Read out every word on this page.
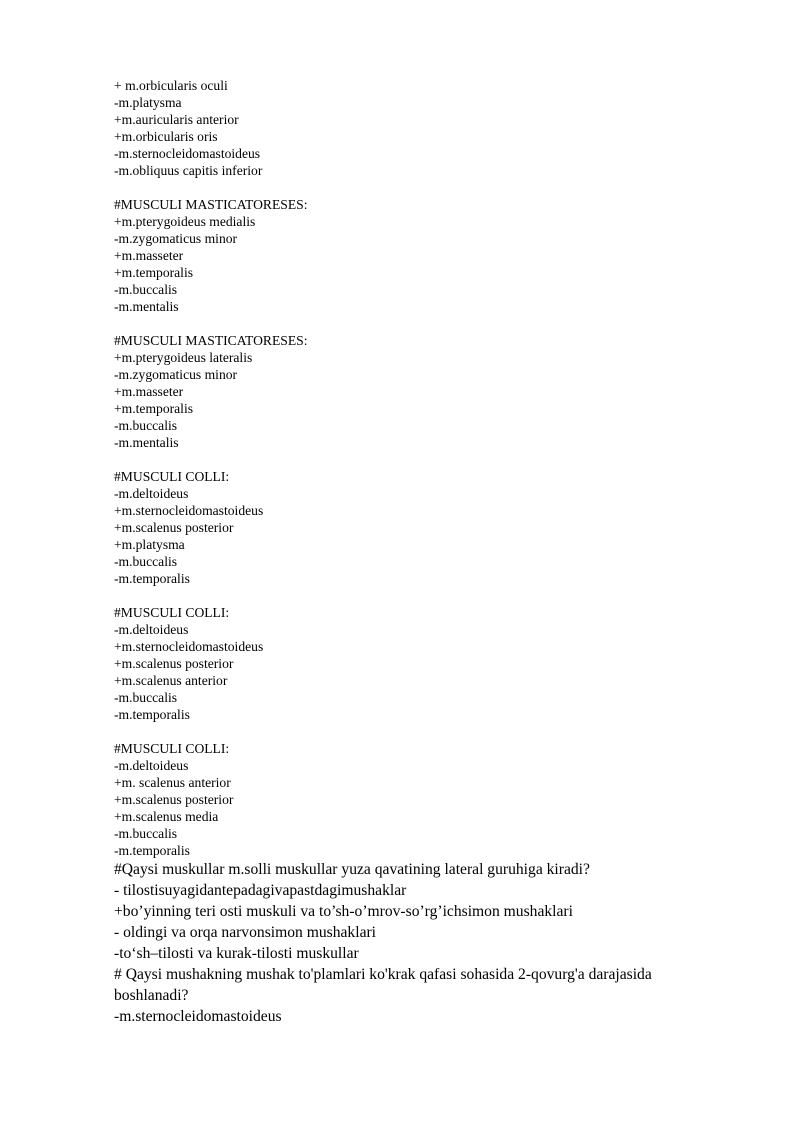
+ m.orbicularis oculi
-m.platysma
+m.auricularis anterior
+m.orbicularis oris
-m.sternocleidomastoideus
-m.obliquus capitis inferior
#MUSCULI MASTICATORESES:
+m.pterygoideus medialis
-m.zygomaticus minor
+m.masseter
+m.temporalis
-m.buccalis
-m.mentalis
#MUSCULI MASTICATORESES:
+m.pterygoideus lateralis
-m.zygomaticus minor
+m.masseter
+m.temporalis
-m.buccalis
-m.mentalis
#MUSCULI COLLI:
-m.deltoideus
+m.sternocleidomastoideus
+m.scalenus posterior
+m.platysma
-m.buccalis
-m.temporalis
#MUSCULI COLLI:
-m.deltoideus
+m.sternocleidomastoideus
+m.scalenus posterior
+m.scalenus anterior
-m.buccalis
-m.temporalis
#MUSCULI COLLI:
-m.deltoideus
+m. scalenus anterior
+m.scalenus posterior
+m.scalenus media
-m.buccalis
-m.temporalis
#Qaysi muskullar m.solli muskullar yuza qavatining lateral guruhiga kiradi?
- tilostisuyagidantepadagivapastdagimushaklar
+bo’yinning teri osti muskuli va to’sh-o’mrov-so’rg’ichsimon mushaklari
- oldingi va orqa narvonsimon mushaklari
-to‘sh–tilosti va kurak-tilosti muskullar
# Qaysi mushakning mushak to'plamlari ko'krak qafasi sohasida 2-qovurg'a darajasida boshlanadi?
-m.sternocleidomastoideus
